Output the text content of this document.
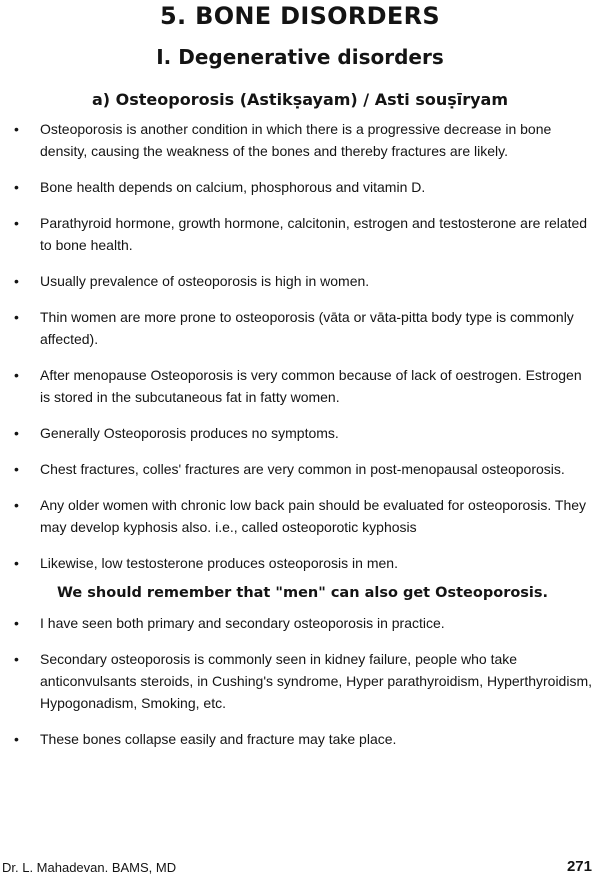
5. BONE DISORDERS
I. Degenerative disorders
a) Osteoporosis (Astikṣayam) / Asti souṣīryam
• Osteoporosis is another condition in which there is a progressive decrease in bone density, causing the weakness of the bones and thereby fractures are likely.
• Bone health depends on calcium, phosphorous and vitamin D.
• Parathyroid hormone, growth hormone, calcitonin, estrogen and testosterone are related to bone health.
• Usually prevalence of osteoporosis is high in women.
• Thin women are more prone to osteoporosis (vāta or vāta-pitta body type is commonly affected).
• After menopause Osteoporosis is very common because of lack of oestrogen. Estrogen is stored in the subcutaneous fat in fatty women.
• Generally Osteoporosis produces no symptoms.
• Chest fractures, colles' fractures are very common in post-menopausal osteoporosis.
• Any older women with chronic low back pain should be evaluated for osteoporosis. They may develop kyphosis also. i.e., called osteoporotic kyphosis
• Likewise, low testosterone produces osteoporosis in men.
We should remember that "men" can also get Osteoporosis.
• I have seen both primary and secondary osteoporosis in practice.
• Secondary osteoporosis is commonly seen in kidney failure, people who take anticonvulsants steroids, in Cushing's syndrome, Hyper parathyroidism, Hyperthyroidism, Hypogonadism, Smoking, etc.
• These bones collapse easily and fracture may take place.
Dr. L. Mahadevan. BAMS, MD	271
